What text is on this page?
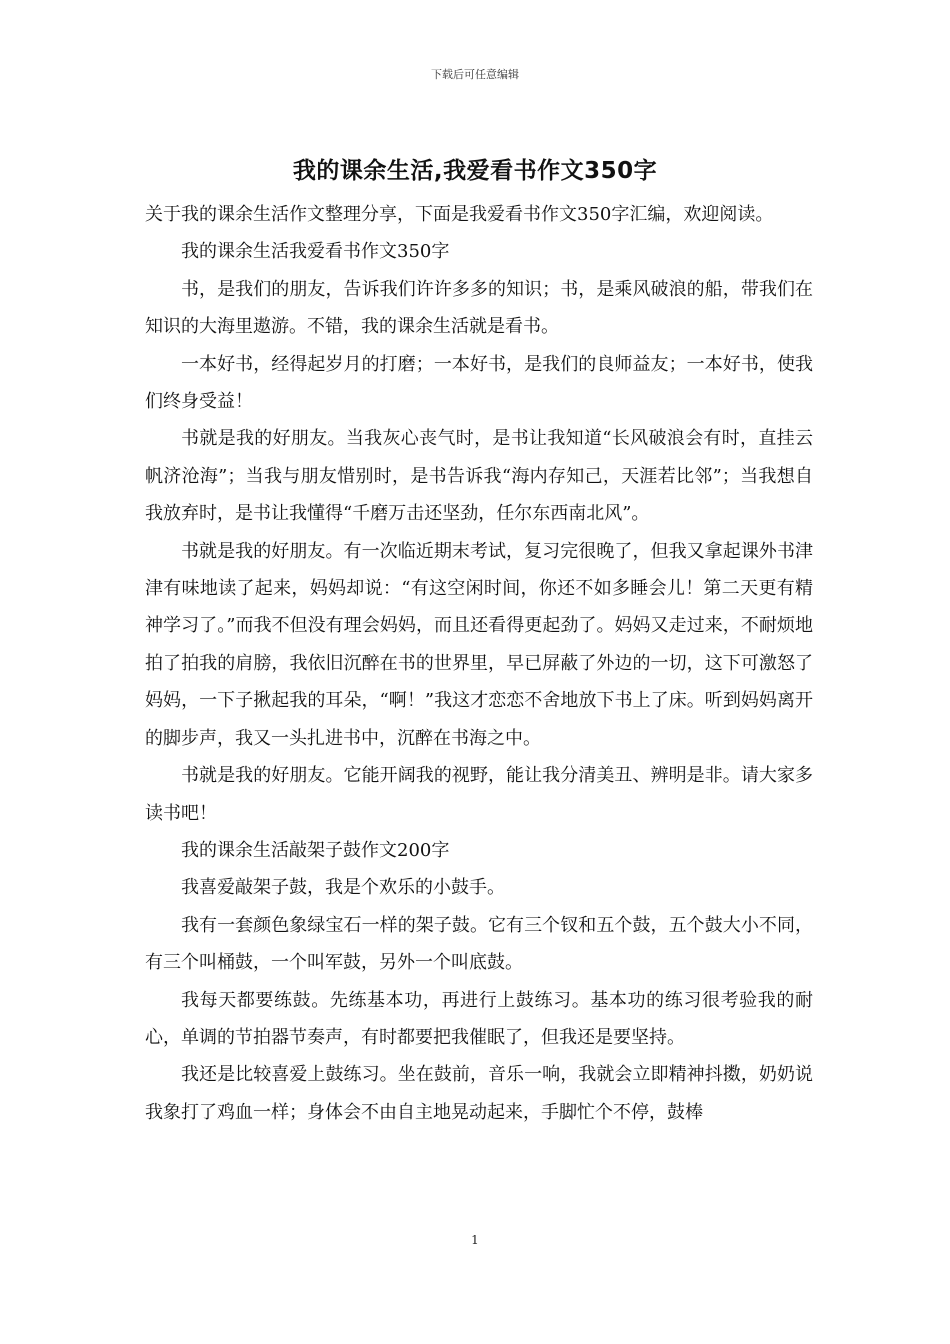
下载后可任意编辑
我的课余生活,我爱看书作文350字

关于我的课余生活作文整理分享，下面是我爱看书作文350字汇编，欢迎阅读。

我的课余生活我爱看书作文350字

书，是我们的朋友，告诉我们许许多多的知识；书，是乘风破浪的船，带我们在知识的大海里遨游。不错，我的课余生活就是看书。

一本好书，经得起岁月的打磨；一本好书，是我们的良师益友；一本好书，使我们终身受益！

书就是我的好朋友。当我灰心丧气时，是书让我知道“长风破浪会有时，直挂云帆济沧海”；当我与朋友惜别时，是书告诉我“海内存知己，天涯若比邻”；当我想自我放弃时，是书让我懂得“千磨万击还坚劲，任尔东西南北风”。

书就是我的好朋友。有一次临近期末考试，复习完很晚了，但我又拿起课外书津津有味地读了起来，妈妈却说：“有这空闲时间，你还不如多睡会儿！第二天更有精神学习了。”而我不但没有理会妈妈，而且还看得更起劲了。妈妈又走过来，不耐烦地拍了拍我的肩膀，我依旧沉醉在书的世界里，早已屏蔽了外边的一切，这下可激怒了妈妈，一下子揪起我的耳朵，“啊！”我这才恋恋不舍地放下书上了床。听到妈妈离开的脚步声，我又一头扎进书中，沉醉在书海之中。

书就是我的好朋友。它能开阔我的视野，能让我分清美丑、辨明是非。请大家多读书吧！

我的课余生活敲架子鼓作文200字

我喜爱敲架子鼓，我是个欢乐的小鼓手。

我有一套颜色象绿宝石一样的架子鼓。它有三个钗和五个鼓，五个鼓大小不同，有三个叫桶鼓，一个叫军鼓，另外一个叫底鼓。

我每天都要练鼓。先练基本功，再进行上鼓练习。基本功的练习很考验我的耐心，单调的节拍器节奏声，有时都要把我催眠了，但我还是要坚持。

我还是比较喜爱上鼓练习。坐在鼓前，音乐一响，我就会立即精神抖擞，奶奶说我象打了鸡血一样；身体会不由自主地晃动起来，手脚忙个不停，鼓棒

1
